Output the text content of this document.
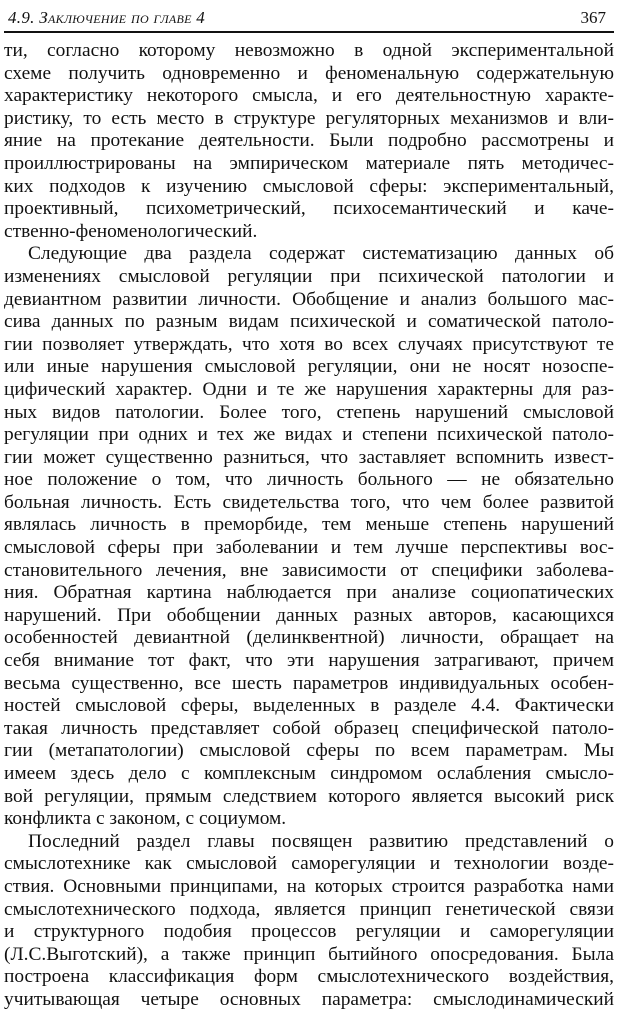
4.9. Заключение по главе 4	367
ти, согласно которому невозможно в одной экспериментальной
схеме получить одновременно и феноменальную содержательную
характеристику некоторого смысла, и его деятельностную характе-
ристику, то есть место в структуре регуляторных механизмов и вли-
яние на протекание деятельности. Были подробно рассмотрены и
проиллюстрированы на эмпирическом материале пять методичес-
ких подходов к изучению смысловой сферы: экспериментальный,
проективный, психометрический, психосемантический и каче-
ственно-феноменологический.
Следующие два раздела содержат систематизацию данных об
изменениях смысловой регуляции при психической патологии и
девиантном развитии личности. Обобщение и анализ большого мас-
сива данных по разным видам психической и соматической патоло-
гии позволяет утверждать, что хотя во всех случаях присутствуют те
или иные нарушения смысловой регуляции, они не носят нозоспе-
цифический характер. Одни и те же нарушения характерны для раз-
ных видов патологии. Более того, степень нарушений смысловой
регуляции при одних и тех же видах и степени психической патоло-
гии может существенно разниться, что заставляет вспомнить извест-
ное положение о том, что личность больного — не обязательно
больная личность. Есть свидетельства того, что чем более развитой
являлась личность в преморбиде, тем меньше степень нарушений
смысловой сферы при заболевании и тем лучше перспективы вос-
становительного лечения, вне зависимости от специфики заболева-
ния. Обратная картина наблюдается при анализе социопатических
нарушений. При обобщении данных разных авторов, касающихся
особенностей девиантной (делинквентной) личности, обращает на
себя внимание тот факт, что эти нарушения затрагивают, причем
весьма существенно, все шесть параметров индивидуальных особен-
ностей смысловой сферы, выделенных в разделе 4.4. Фактически
такая личность представляет собой образец специфической патоло-
гии (метапатологии) смысловой сферы по всем параметрам. Мы
имеем здесь дело с комплексным синдромом ослабления смысло-
вой регуляции, прямым следствием которого является высокий риск
конфликта с законом, с социумом.
Последний раздел главы посвящен развитию представлений о
смыслотехнике как смысловой саморегуляции и технологии возде-
ствия. Основными принципами, на которых строится разработка нами
смыслотехнического подхода, является принцип генетической связи
и структурного подобия процессов регуляции и саморегуляции
(Л.С.Выготский), а также принцип бытийного опосредования. Была
построена классификация форм смыслотехнического воздействия,
учитывающая четыре основных параметра: смыслодинамический
